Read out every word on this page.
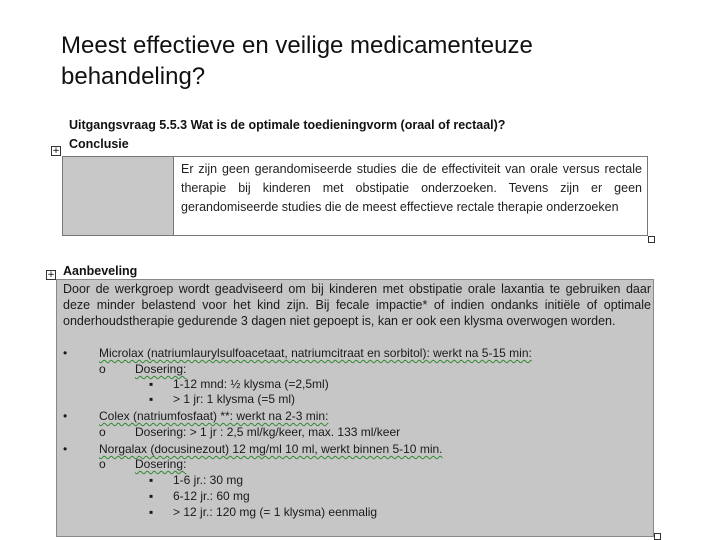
Meest effectieve en veilige medicamenteuze
behandeling?
Uitgangsvraag 5.5.3 Wat is de optimale toedieningvorm (oraal of rectaal)?
+ Conclusie
Er zijn geen gerandomiseerde studies die de effectiviteit van orale versus rectale therapie bij kinderen met obstipatie onderzoeken. Tevens zijn er geen gerandomiseerde studies die de meest effectieve rectale therapie onderzoeken
+ Aanbeveling
Door de werkgroep wordt geadviseerd om bij kinderen met obstipatie orale laxantia te gebruiken daar deze minder belastend voor het kind zijn. Bij fecale impactie* of indien ondanks initiële of optimale onderhoudstherapie gedurende 3 dagen niet gepoept is, kan er ook een klysma overwogen worden.
•	Microlax (natriumlaurylsulfoacetaat, natriumcitraat en sorbitol): werkt na 5-15 min:
o Dosering:
▪ 1-12 mnd: ½ klysma (=2,5ml)
▪ > 1 jr: 1 klysma (=5 ml)
•	Colex (natriumfosfaat) **: werkt na 2-3 min:
o Dosering: > 1 jr : 2,5 ml/kg/keer, max. 133 ml/keer
•	Norgalax (docusinezout) 12 mg/ml 10 ml, werkt binnen 5-10 min.
o Dosering:
▪ 1-6 jr.: 30 mg
▪ 6-12 jr.: 60 mg
▪ > 12 jr.: 120 mg (= 1 klysma) eenmalig
